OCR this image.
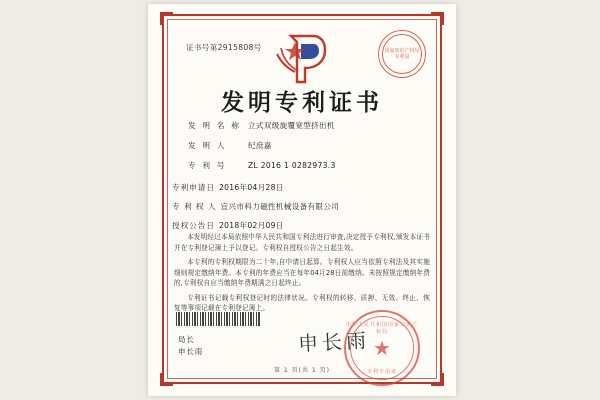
证书号第2915808号	国家知识产权局专利局
发明专利证书
发 明 名 称 立式双级旋覆宽型挤出机
发 明 人	纪庶嘉
专 利 号	ZL 2016 1 0282973.3
专利申请日 2016年04月28日
专 利 权 人 宜兴市科力磁性机械设备有限公司
授权公告日 2018年02月09日

本发明经过本局依照中华人民共和国专利法进行审查,决定授予专利权,颁发本证书并在专利登记簿上予以登记。专利权自授权公告之日起生效。

本专利的专利权期限为二十年,自申请日起算。专利权人应当依照专利法及其实施细则规定缴纳年费。本专利的年费应当在每年04月28日前缴纳。未按照规定缴纳年费的,专利权自应当缴纳年费期满之日起终止。

专利证书记载专利权登记时的法律状况。专利权的转移、质押、无效、终止、恢复等事项记载在专利登记簿上。

局长
申长雨	申长雨
中华人民共和国国家知识产权局
★
专利专用章
第 1 页(共 1 页)
